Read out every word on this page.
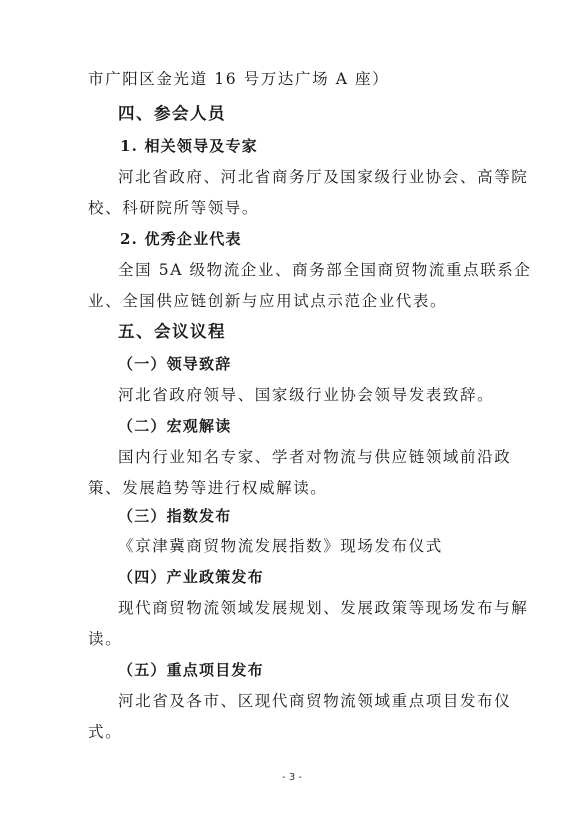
市广阳区金光道 16 号万达广场 A 座）
四、参会人员
1. 相关领导及专家
河北省政府、河北省商务厅及国家级行业协会、高等院
校、科研院所等领导。
2. 优秀企业代表
全国 5A 级物流企业、商务部全国商贸物流重点联系企
业、全国供应链创新与应用试点示范企业代表。
五、会议议程
（一）领导致辞
河北省政府领导、国家级行业协会领导发表致辞。
（二）宏观解读
国内行业知名专家、学者对物流与供应链领域前沿政
策、发展趋势等进行权威解读。
（三）指数发布
《京津冀商贸物流发展指数》现场发布仪式
（四）产业政策发布
现代商贸物流领域发展规划、发展政策等现场发布与解
读。
（五）重点项目发布
河北省及各市、区现代商贸物流领域重点项目发布仪
式。
- 3 -
